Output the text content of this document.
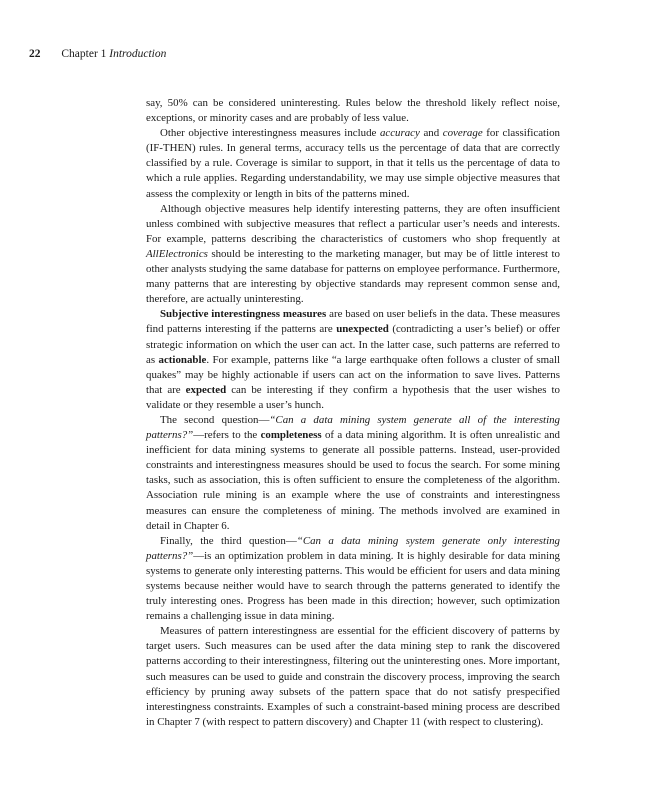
22 Chapter 1 Introduction

say, 50% can be considered uninteresting. Rules below the threshold likely reflect noise, exceptions, or minority cases and are probably of less value.

Other objective interestingness measures include accuracy and coverage for classification (IF-THEN) rules. In general terms, accuracy tells us the percentage of data that are correctly classified by a rule. Coverage is similar to support, in that it tells us the percentage of data to which a rule applies. Regarding understandability, we may use simple objective measures that assess the complexity or length in bits of the patterns mined.

Although objective measures help identify interesting patterns, they are often insufficient unless combined with subjective measures that reflect a particular user’s needs and interests. For example, patterns describing the characteristics of customers who shop frequently at AllElectronics should be interesting to the marketing manager, but may be of little interest to other analysts studying the same database for patterns on employee performance. Furthermore, many patterns that are interesting by objective standards may represent common sense and, therefore, are actually uninteresting.

Subjective interestingness measures are based on user beliefs in the data. These measures find patterns interesting if the patterns are unexpected (contradicting a user’s belief) or offer strategic information on which the user can act. In the latter case, such patterns are referred to as actionable. For example, patterns like “a large earthquake often follows a cluster of small quakes” may be highly actionable if users can act on the information to save lives. Patterns that are expected can be interesting if they confirm a hypothesis that the user wishes to validate or they resemble a user’s hunch.

The second question—“Can a data mining system generate all of the interesting patterns?”—refers to the completeness of a data mining algorithm. It is often unrealistic and inefficient for data mining systems to generate all possible patterns. Instead, user-provided constraints and interestingness measures should be used to focus the search. For some mining tasks, such as association, this is often sufficient to ensure the completeness of the algorithm. Association rule mining is an example where the use of constraints and interestingness measures can ensure the completeness of mining. The methods involved are examined in detail in Chapter 6.

Finally, the third question—“Can a data mining system generate only interesting patterns?”—is an optimization problem in data mining. It is highly desirable for data mining systems to generate only interesting patterns. This would be efficient for users and data mining systems because neither would have to search through the patterns generated to identify the truly interesting ones. Progress has been made in this direction; however, such optimization remains a challenging issue in data mining.

Measures of pattern interestingness are essential for the efficient discovery of patterns by target users. Such measures can be used after the data mining step to rank the discovered patterns according to their interestingness, filtering out the uninteresting ones. More important, such measures can be used to guide and constrain the discovery process, improving the search efficiency by pruning away subsets of the pattern space that do not satisfy prespecified interestingness constraints. Examples of such a constraint-based mining process are described in Chapter 7 (with respect to pattern discovery) and Chapter 11 (with respect to clustering).
